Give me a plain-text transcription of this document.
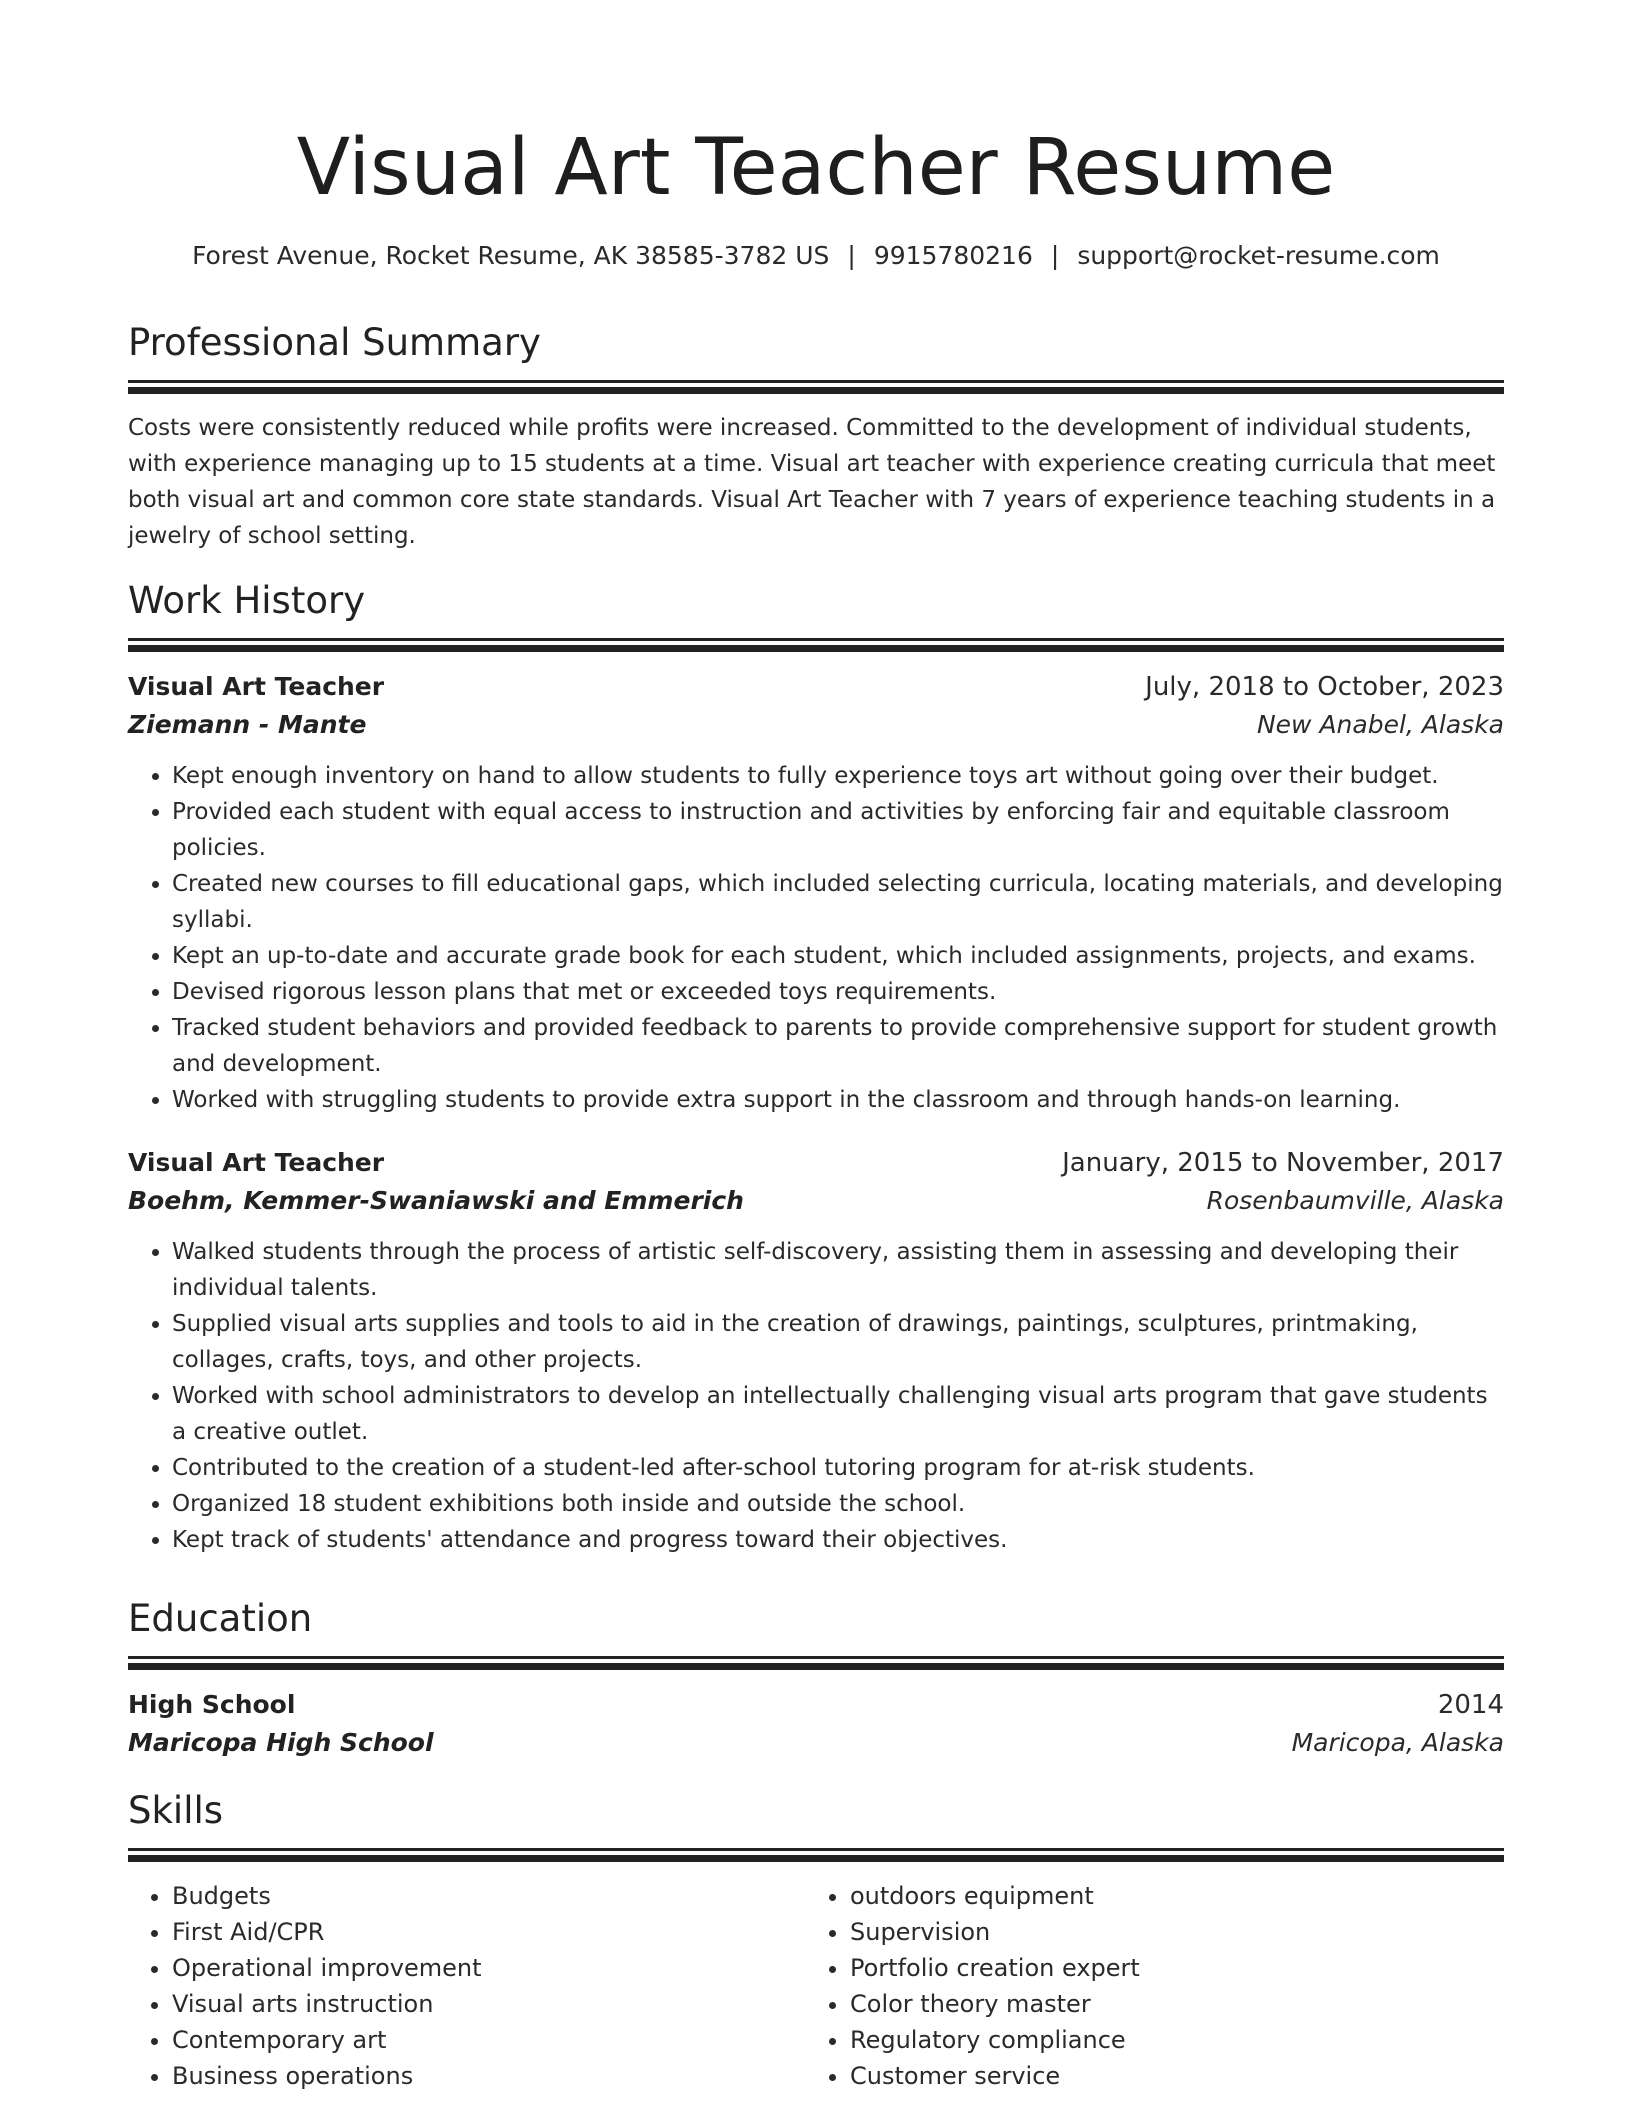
Visual Art Teacher Resume
Forest Avenue, Rocket Resume, AK 38585-3782 US | 9915780216 | support@rocket-resume.com
Professional Summary
Costs were consistently reduced while profits were increased. Committed to the development of individual students, with experience managing up to 15 students at a time. Visual art teacher with experience creating curricula that meet both visual art and common core state standards. Visual Art Teacher with 7 years of experience teaching students in a jewelry of school setting.
Work History
Visual Art Teacher	July, 2018 to October, 2023
Ziemann - Mante	New Anabel, Alaska
• Kept enough inventory on hand to allow students to fully experience toys art without going over their budget.
• Provided each student with equal access to instruction and activities by enforcing fair and equitable classroom policies.
• Created new courses to fill educational gaps, which included selecting curricula, locating materials, and developing syllabi.
• Kept an up-to-date and accurate grade book for each student, which included assignments, projects, and exams.
• Devised rigorous lesson plans that met or exceeded toys requirements.
• Tracked student behaviors and provided feedback to parents to provide comprehensive support for student growth and development.
• Worked with struggling students to provide extra support in the classroom and through hands-on learning.
Visual Art Teacher	January, 2015 to November, 2017
Boehm, Kemmer-Swaniawski and Emmerich	Rosenbaumville, Alaska
• Walked students through the process of artistic self-discovery, assisting them in assessing and developing their individual talents.
• Supplied visual arts supplies and tools to aid in the creation of drawings, paintings, sculptures, printmaking, collages, crafts, toys, and other projects.
• Worked with school administrators to develop an intellectually challenging visual arts program that gave students a creative outlet.
• Contributed to the creation of a student-led after-school tutoring program for at-risk students.
• Organized 18 student exhibitions both inside and outside the school.
• Kept track of students' attendance and progress toward their objectives.
Education
High School	2014
Maricopa High School	Maricopa, Alaska
Skills
• Budgets
• First Aid/CPR
• Operational improvement
• Visual arts instruction
• Contemporary art
• Business operations
• outdoors equipment
• Supervision
• Portfolio creation expert
• Color theory master
• Regulatory compliance
• Customer service
